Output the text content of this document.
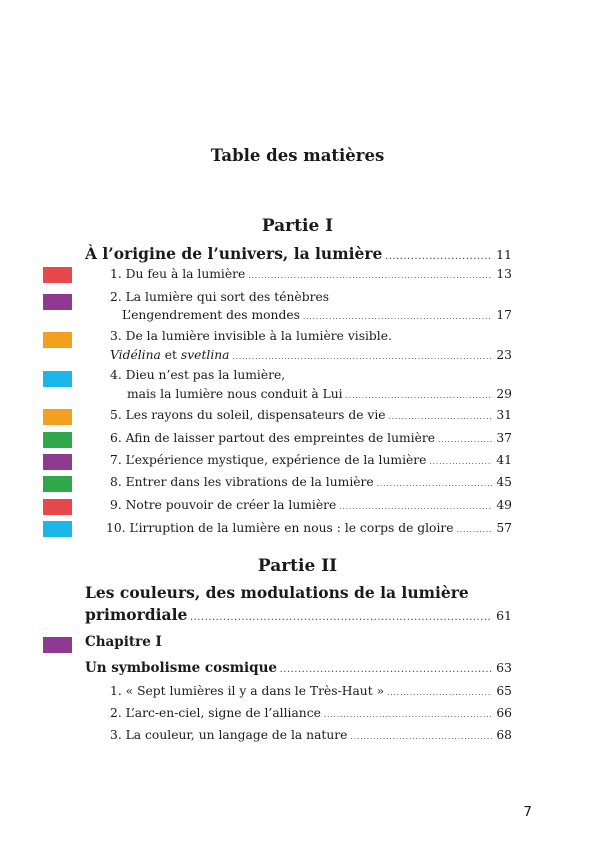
Table des matières
Partie I
À l’origine de l’univers, la lumière . . .	11
1. Du feu à la lumière . . .	13
2. La lumière qui sort des ténèbres
L’engendrement des mondes . . .	17
3. De la lumière invisible à la lumière visible.
Vidélina et svetlina . . .	23
4. Dieu n’est pas la lumière,
mais la lumière nous conduit à Lui . . .	29
5. Les rayons du soleil, dispensateurs de vie . . .	31
6. Afin de laisser partout des empreintes de lumière . . .	37
7. L’expérience mystique, expérience de la lumière . . .	41
8. Entrer dans les vibrations de la lumière . . .	45
9. Notre pouvoir de créer la lumière . . .	49
10. L’irruption de la lumière en nous : le corps de gloire . . .	57
Partie II
Les couleurs, des modulations de la lumière
primordiale . . .	61
Chapitre I
Un symbolisme cosmique . . .	63
1. « Sept lumières il y a dans le Très-Haut » . . .	65
2. L’arc-en-ciel, signe de l’alliance . . .	66
3. La couleur, un langage de la nature . . .	68
7
